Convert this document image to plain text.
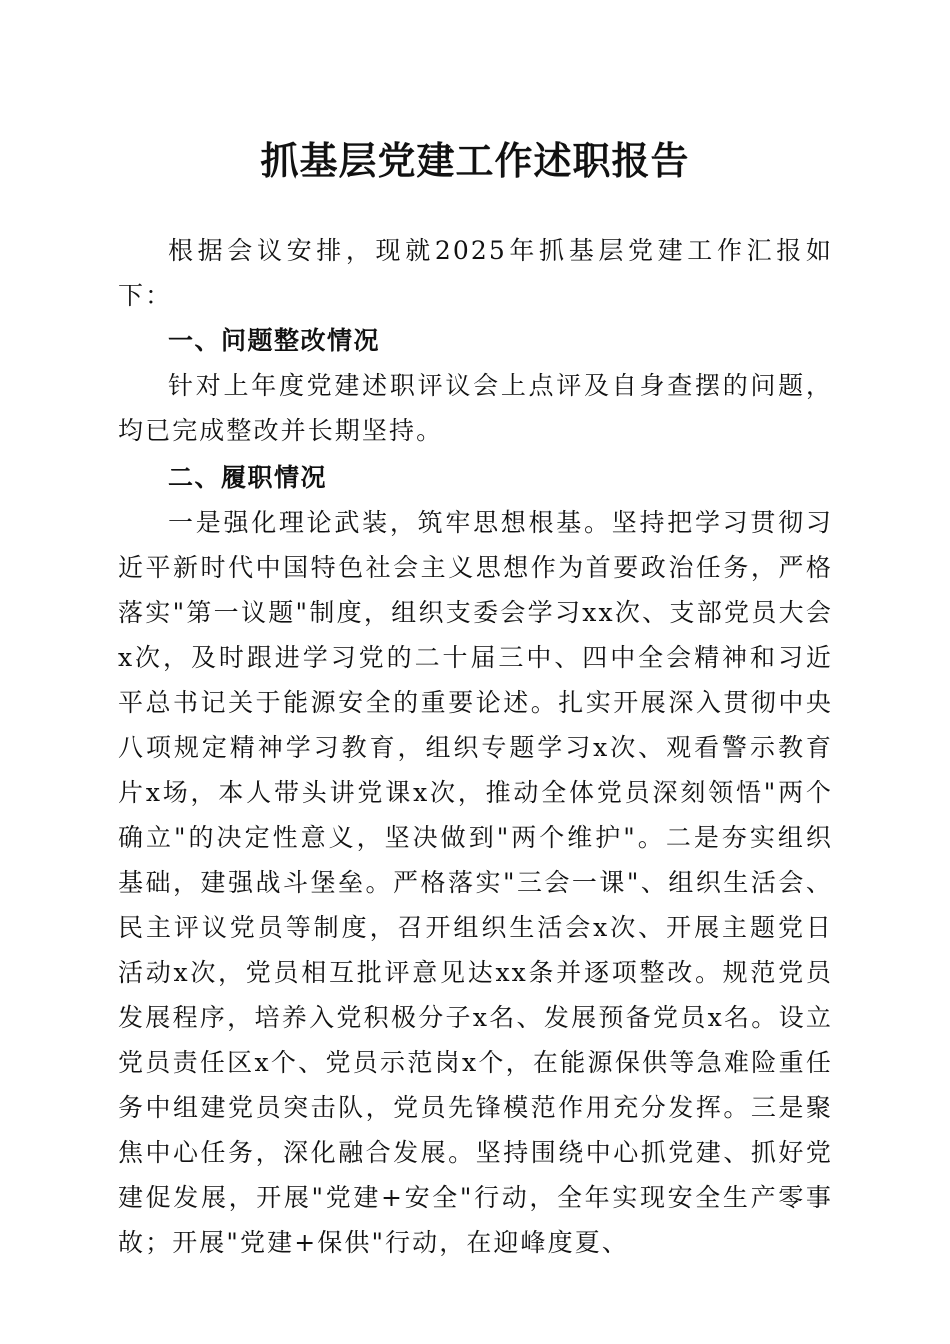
抓基层党建工作述职报告

根据会议安排，现就2025年抓基层党建工作汇报如下：

一、问题整改情况

针对上年度党建述职评议会上点评及自身查摆的问题，均已完成整改并长期坚持。

二、履职情况

一是强化理论武装，筑牢思想根基。坚持把学习贯彻习近平新时代中国特色社会主义思想作为首要政治任务，严格落实"第一议题"制度，组织支委会学习xx次、支部党员大会x次，及时跟进学习党的二十届三中、四中全会精神和习近平总书记关于能源安全的重要论述。扎实开展深入贯彻中央八项规定精神学习教育，组织专题学习x次、观看警示教育片x场，本人带头讲党课x次，推动全体党员深刻领悟"两个确立"的决定性意义，坚决做到"两个维护"。二是夯实组织基础，建强战斗堡垒。严格落实"三会一课"、组织生活会、民主评议党员等制度，召开组织生活会x次、开展主题党日活动x次，党员相互批评意见达xx条并逐项整改。规范党员发展程序，培养入党积极分子x名、发展预备党员x名。设立党员责任区x个、党员示范岗x个，在能源保供等急难险重任务中组建党员突击队，党员先锋模范作用充分发挥。三是聚焦中心任务，深化融合发展。坚持围绕中心抓党建、抓好党建促发展，开展"党建+安全"行动，全年实现安全生产零事故；开展"党建+保供"行动，在迎峰度夏、
